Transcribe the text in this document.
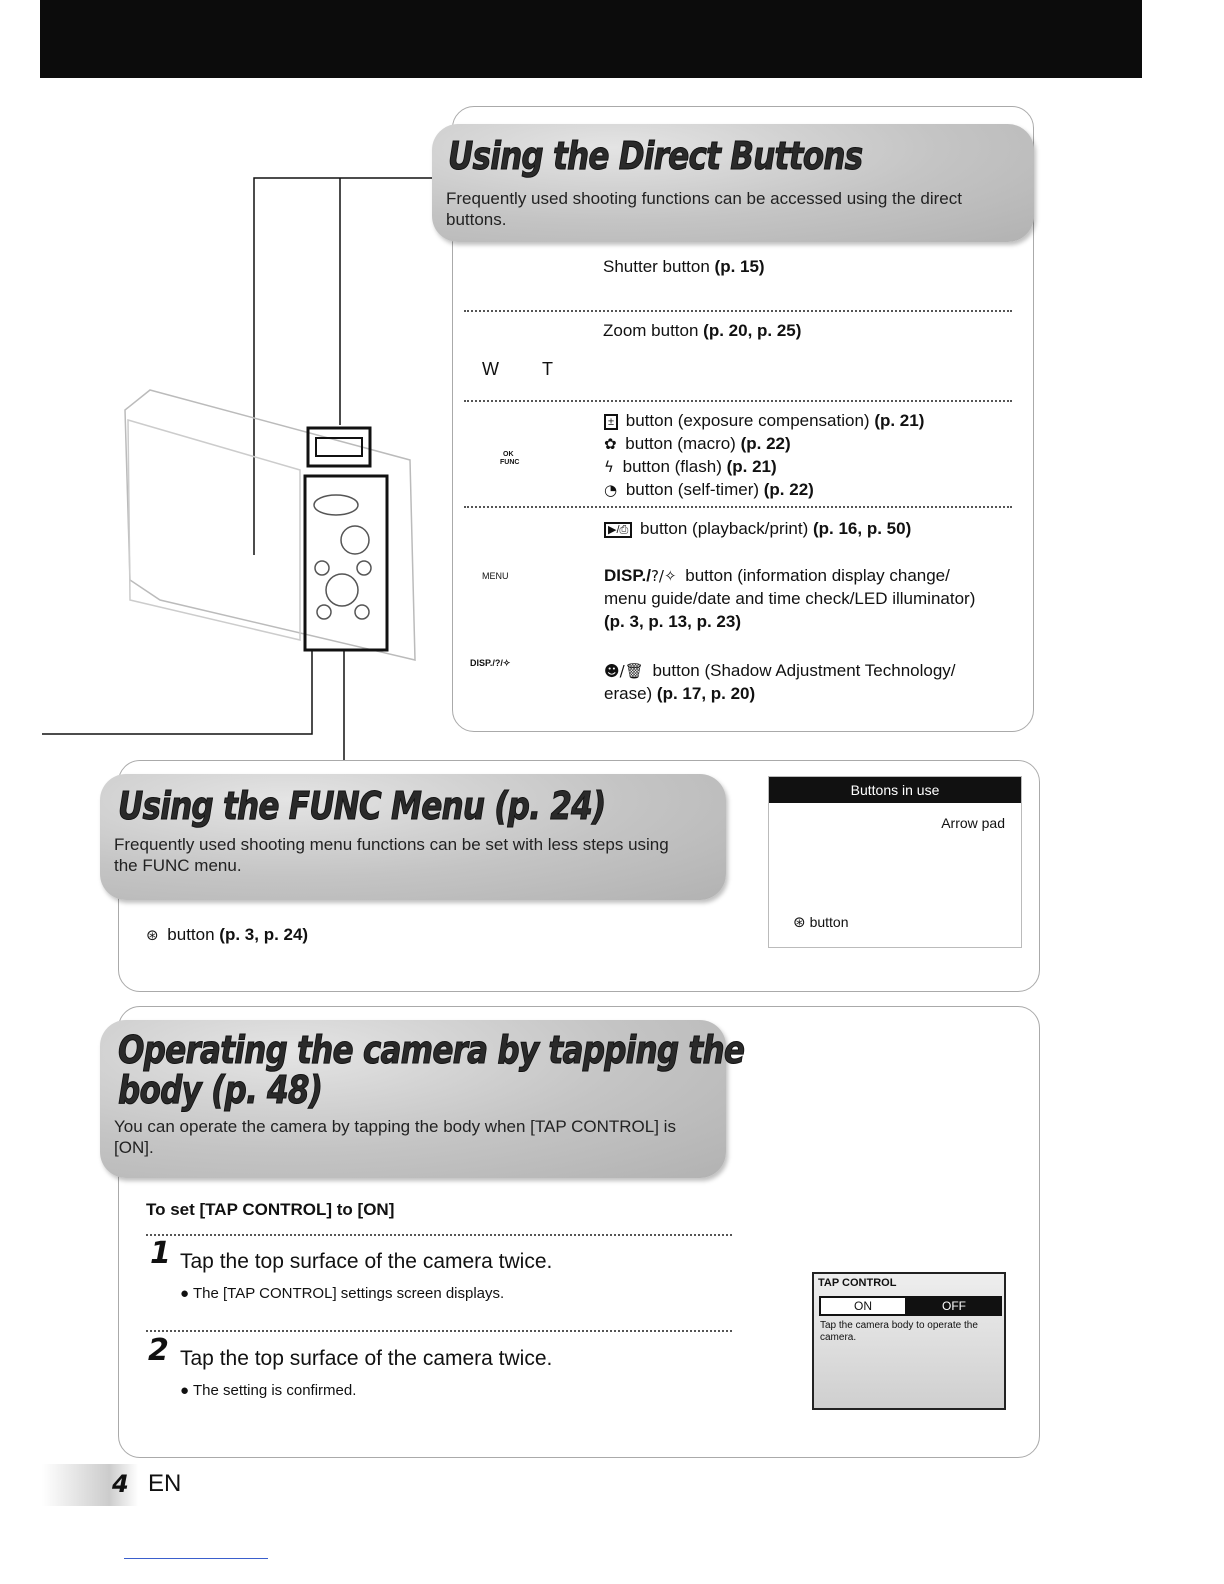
Using the Direct Buttons

Frequently used shooting functions can be accessed using the direct buttons.

Shutter button (p. 15)
Zoom button (p. 20, p. 25)
W T
± button (exposure compensation) (p. 21)
✿ button (macro) (p. 22)
ϟ button (flash) (p. 21)
◔ button (self-timer) (p. 22)
▶/⎙ button (playback/print) (p. 16, p. 50)
DISP./?/✧ button (information display change/
menu guide/date and time check/LED illuminator)
(p. 3, p. 13, p. 23)
☻/🗑 button (Shadow Adjustment Technology/
erase) (p. 17, p. 20)
MENU
DISP./?/✧
OK
FUNC
Using the FUNC Menu (p. 24)

Frequently used shooting menu functions can be set with less steps using the FUNC menu.

⊛ button (p. 3, p. 24)
Buttons in use
Arrow pad
⊛ button
Operating the camera by tapping the
body (p. 48)

You can operate the camera by tapping the body when [TAP CONTROL] is [ON].

To set [TAP CONTROL] to [ON]
1 Tap the top surface of the camera twice.
● The [TAP CONTROL] settings screen displays.
2 Tap the top surface of the camera twice.
● The setting is confirmed.
TAP CONTROL
ON	OFF
Tap the camera body to operate the camera.
4 EN
